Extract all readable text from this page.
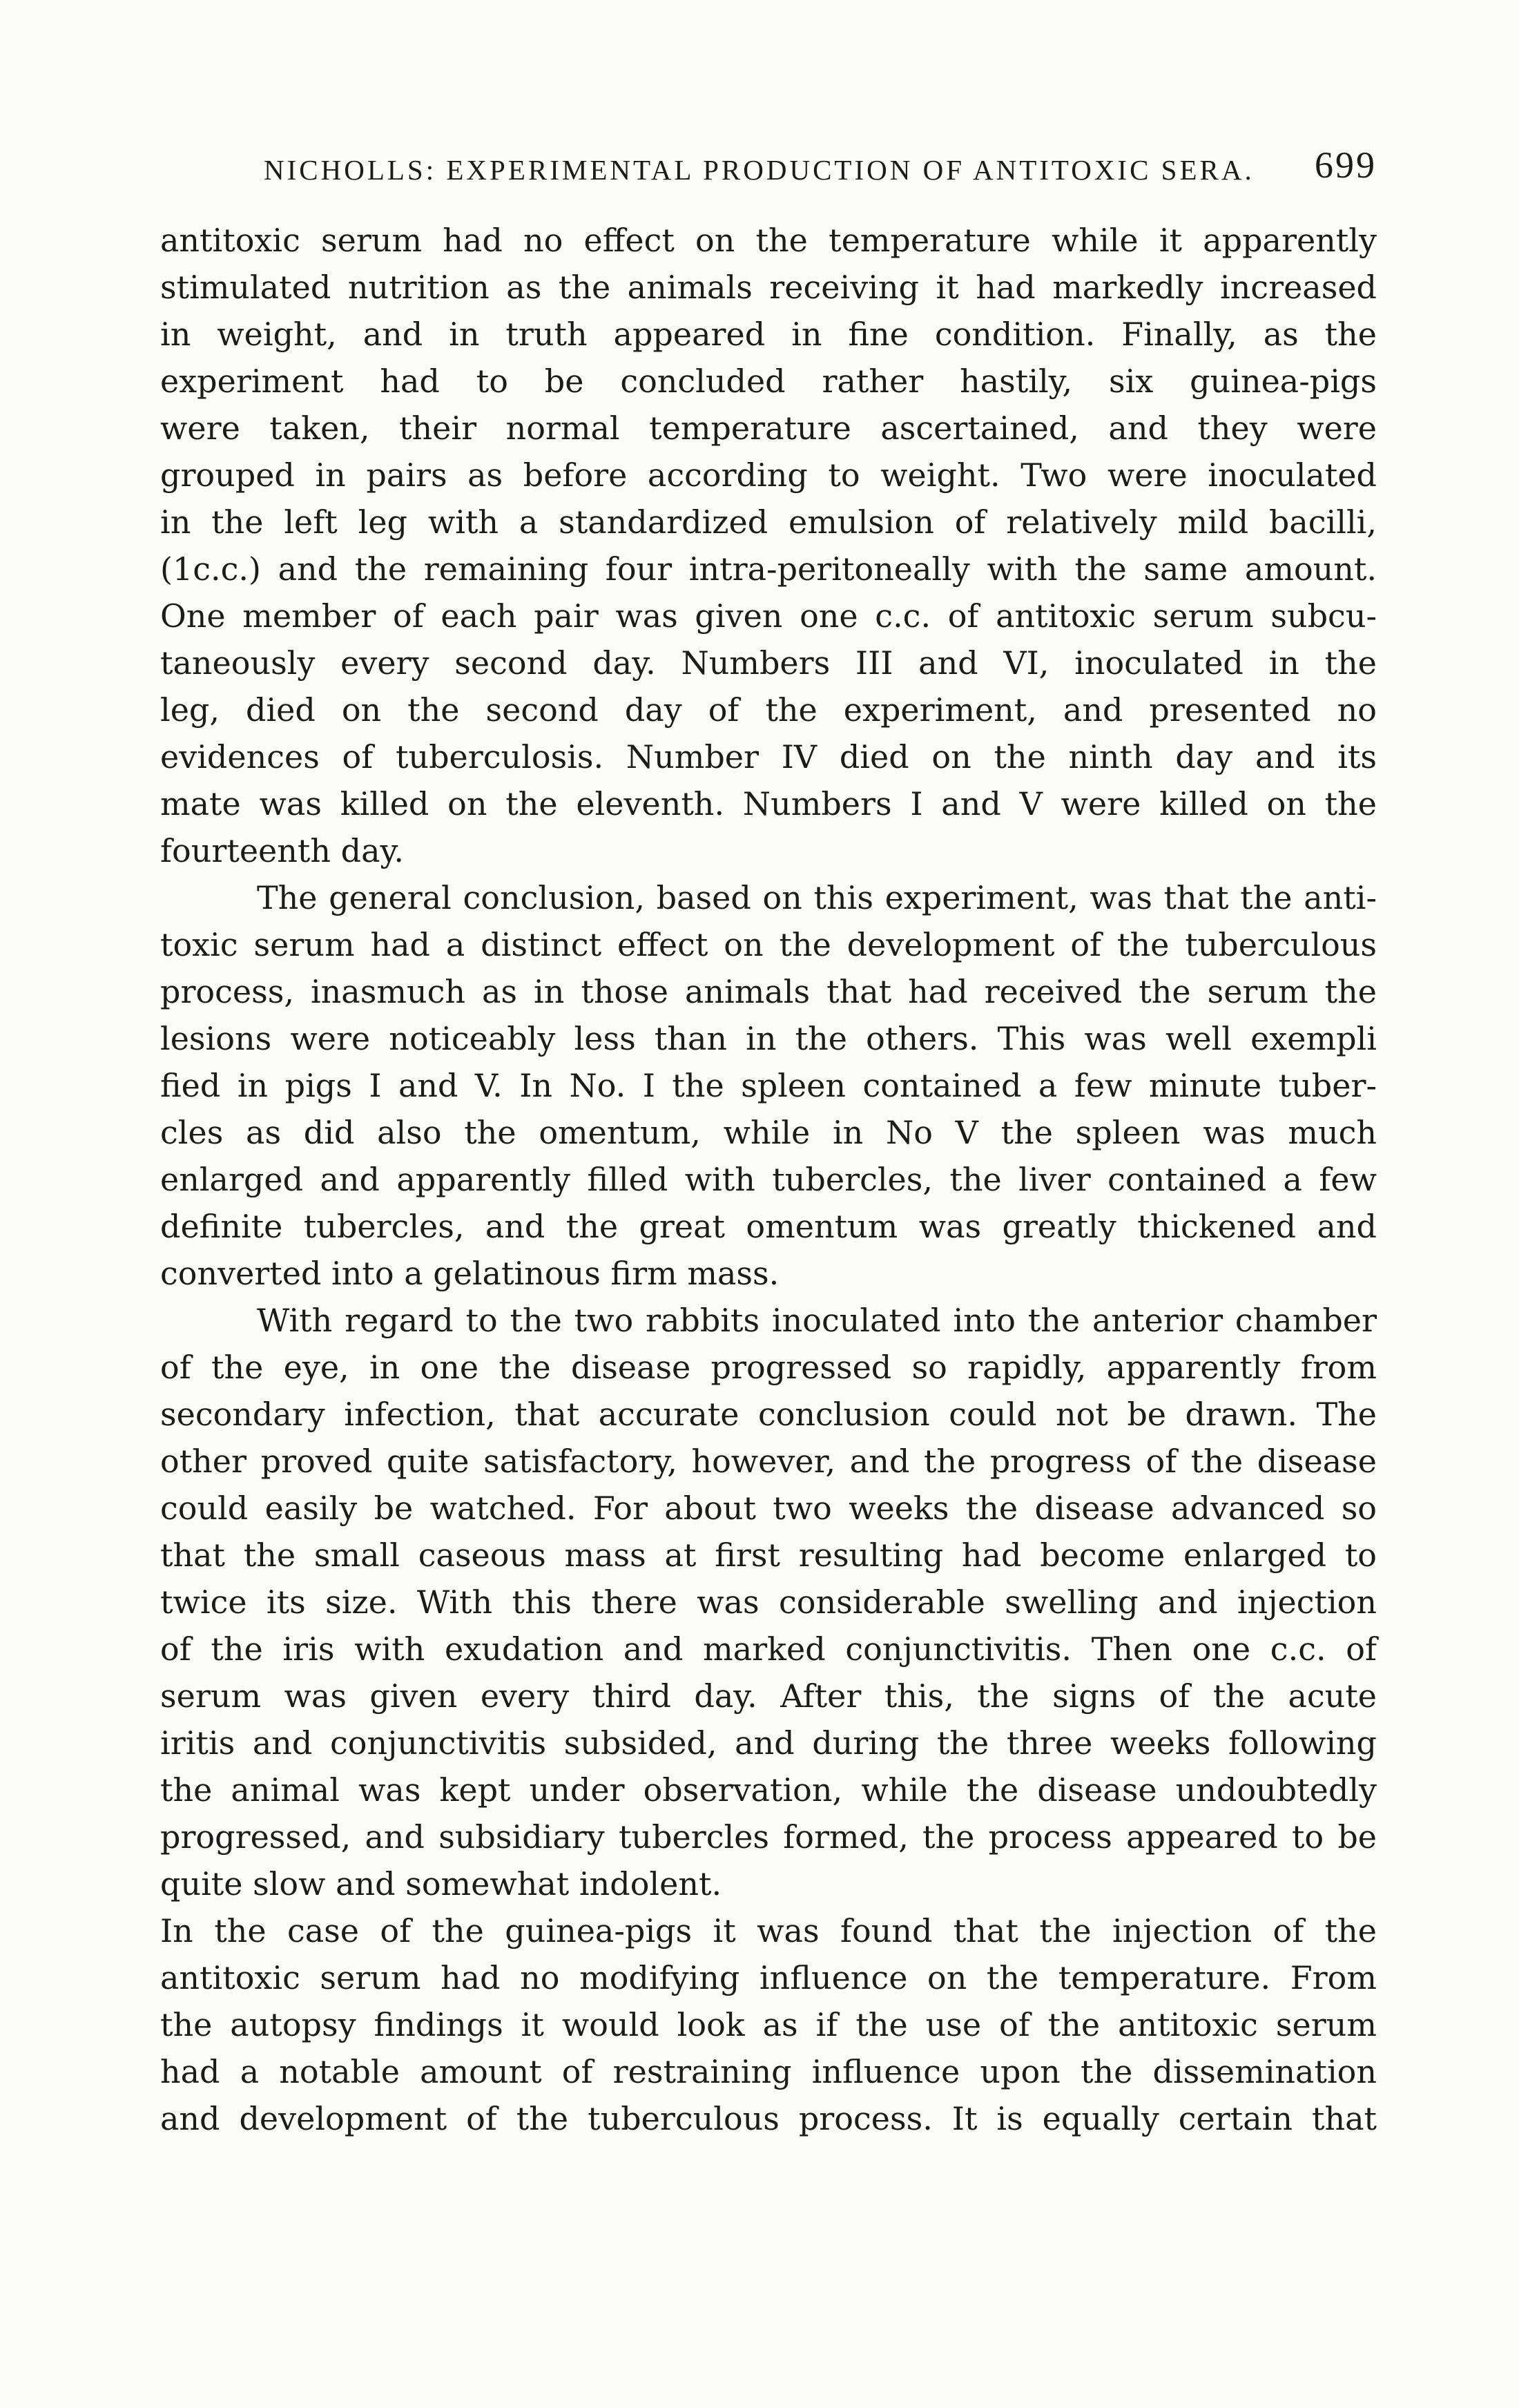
NICHOLLS: EXPERIMENTAL PRODUCTION OF ANTITOXIC SERA. 699
antitoxic serum had no effect on the temperature while it apparently
stimulated nutrition as the animals receiving it had markedly increased
in weight, and in truth appeared in fine condition. Finally, as the
experiment had to be concluded rather hastily, six guinea-pigs
were taken, their normal temperature ascertained, and they were
grouped in pairs as before according to weight. Two were inoculated
in the left leg with a standardized emulsion of relatively mild bacilli,
(1c.c.) and the remaining four intra-peritoneally with the same amount.
One member of each pair was given one c.c. of antitoxic serum subcu-
taneously every second day. Numbers III and VI, inoculated in the
leg, died on the second day of the experiment, and presented no
evidences of tuberculosis. Number IV died on the ninth day and its
mate was killed on the eleventh. Numbers I and V were killed on the
fourteenth day.
The general conclusion, based on this experiment, was that the anti-
toxic serum had a distinct effect on the development of the tuberculous
process, inasmuch as in those animals that had received the serum the
lesions were noticeably less than in the others. This was well exempli
fied in pigs I and V. In No. I the spleen contained a few minute tuber-
cles as did also the omentum, while in No V the spleen was much
enlarged and apparently filled with tubercles, the liver contained a few
definite tubercles, and the great omentum was greatly thickened and
converted into a gelatinous firm mass.
With regard to the two rabbits inoculated into the anterior chamber
of the eye, in one the disease progressed so rapidly, apparently from
secondary infection, that accurate conclusion could not be drawn. The
other proved quite satisfactory, however, and the progress of the disease
could easily be watched. For about two weeks the disease advanced so
that the small caseous mass at first resulting had become enlarged to
twice its size. With this there was considerable swelling and injection
of the iris with exudation and marked conjunctivitis. Then one c.c. of
serum was given every third day. After this, the signs of the acute
iritis and conjunctivitis subsided, and during the three weeks following
the animal was kept under observation, while the disease undoubtedly
progressed, and subsidiary tubercles formed, the process appeared to be
quite slow and somewhat indolent.
In the case of the guinea-pigs it was found that the injection of the
antitoxic serum had no modifying influence on the temperature. From
the autopsy findings it would look as if the use of the antitoxic serum
had a notable amount of restraining influence upon the dissemination
and development of the tuberculous process. It is equally certain that
